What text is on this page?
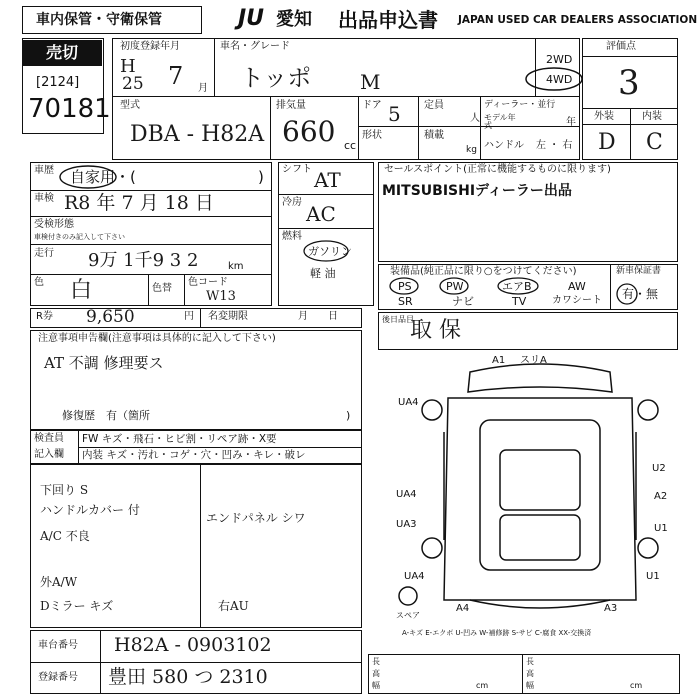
車内保管・守衛保管	JU 愛知 出品申込書 JAPAN USED CAR DEALERS ASSOCIATION
売切
[2124]
70181
初度登録年月
H
25 7 月
車名・グレード
トッポ M
2WD
4WD
型式
DBA - H82A
排気量
660 cc
ドア 5 定員
人
ディーラー・並行
モデル年式	年
形状	積載
kg ハンドル 左 ・ 右
評価点
3
外装	内装
D C
車歴 自家用・(	)
車検 R8 年 7 月 18 日
受検形態
車検付きのみ記入して下さい
走行 9万 1千9 3 2	km
色 白	色替
色コード
W13
シフト AT
冷房 AC
燃料
ガソリン
軽 油
セールスポイント(正常に機能するものに限ります)
MITSUBISHIディーラー出品
装備品(純正品に限り○をつけてください)
PS	PW	エアB	AW
SR	ナビ	TV	カワシート
新車保証書
有・無
R券 9,650	円 名変期限	月　　日	後日品目
取 保
注意事項申告欄(注意事項は具体的に記入して下さい)
AT 不調 修理要ス
修復歴　有（箇所	)
検査員
記入欄
FW キズ・飛石・ヒビ割・リペア跡・X要
内装 キズ・汚れ・コゲ・穴・凹み・キレ・破レ
下回り S
ハンドルカバー 付
A/C 不良
エンドパネル シワ
外A/W
Dミラー キズ	右AU
A1 スリA
UA4
U2
A2
UA4
UA3	U1
UA4
A4	A3
U1
スペア
A-キズ E-エクボ U-凹み W-補修跡 S-サビ C-腐食 XX-交換済
車台番号 H82A - 0903102
登録番号 豊田 580 つ 2310
長
高
幅	cm
長
高
幅	cm
